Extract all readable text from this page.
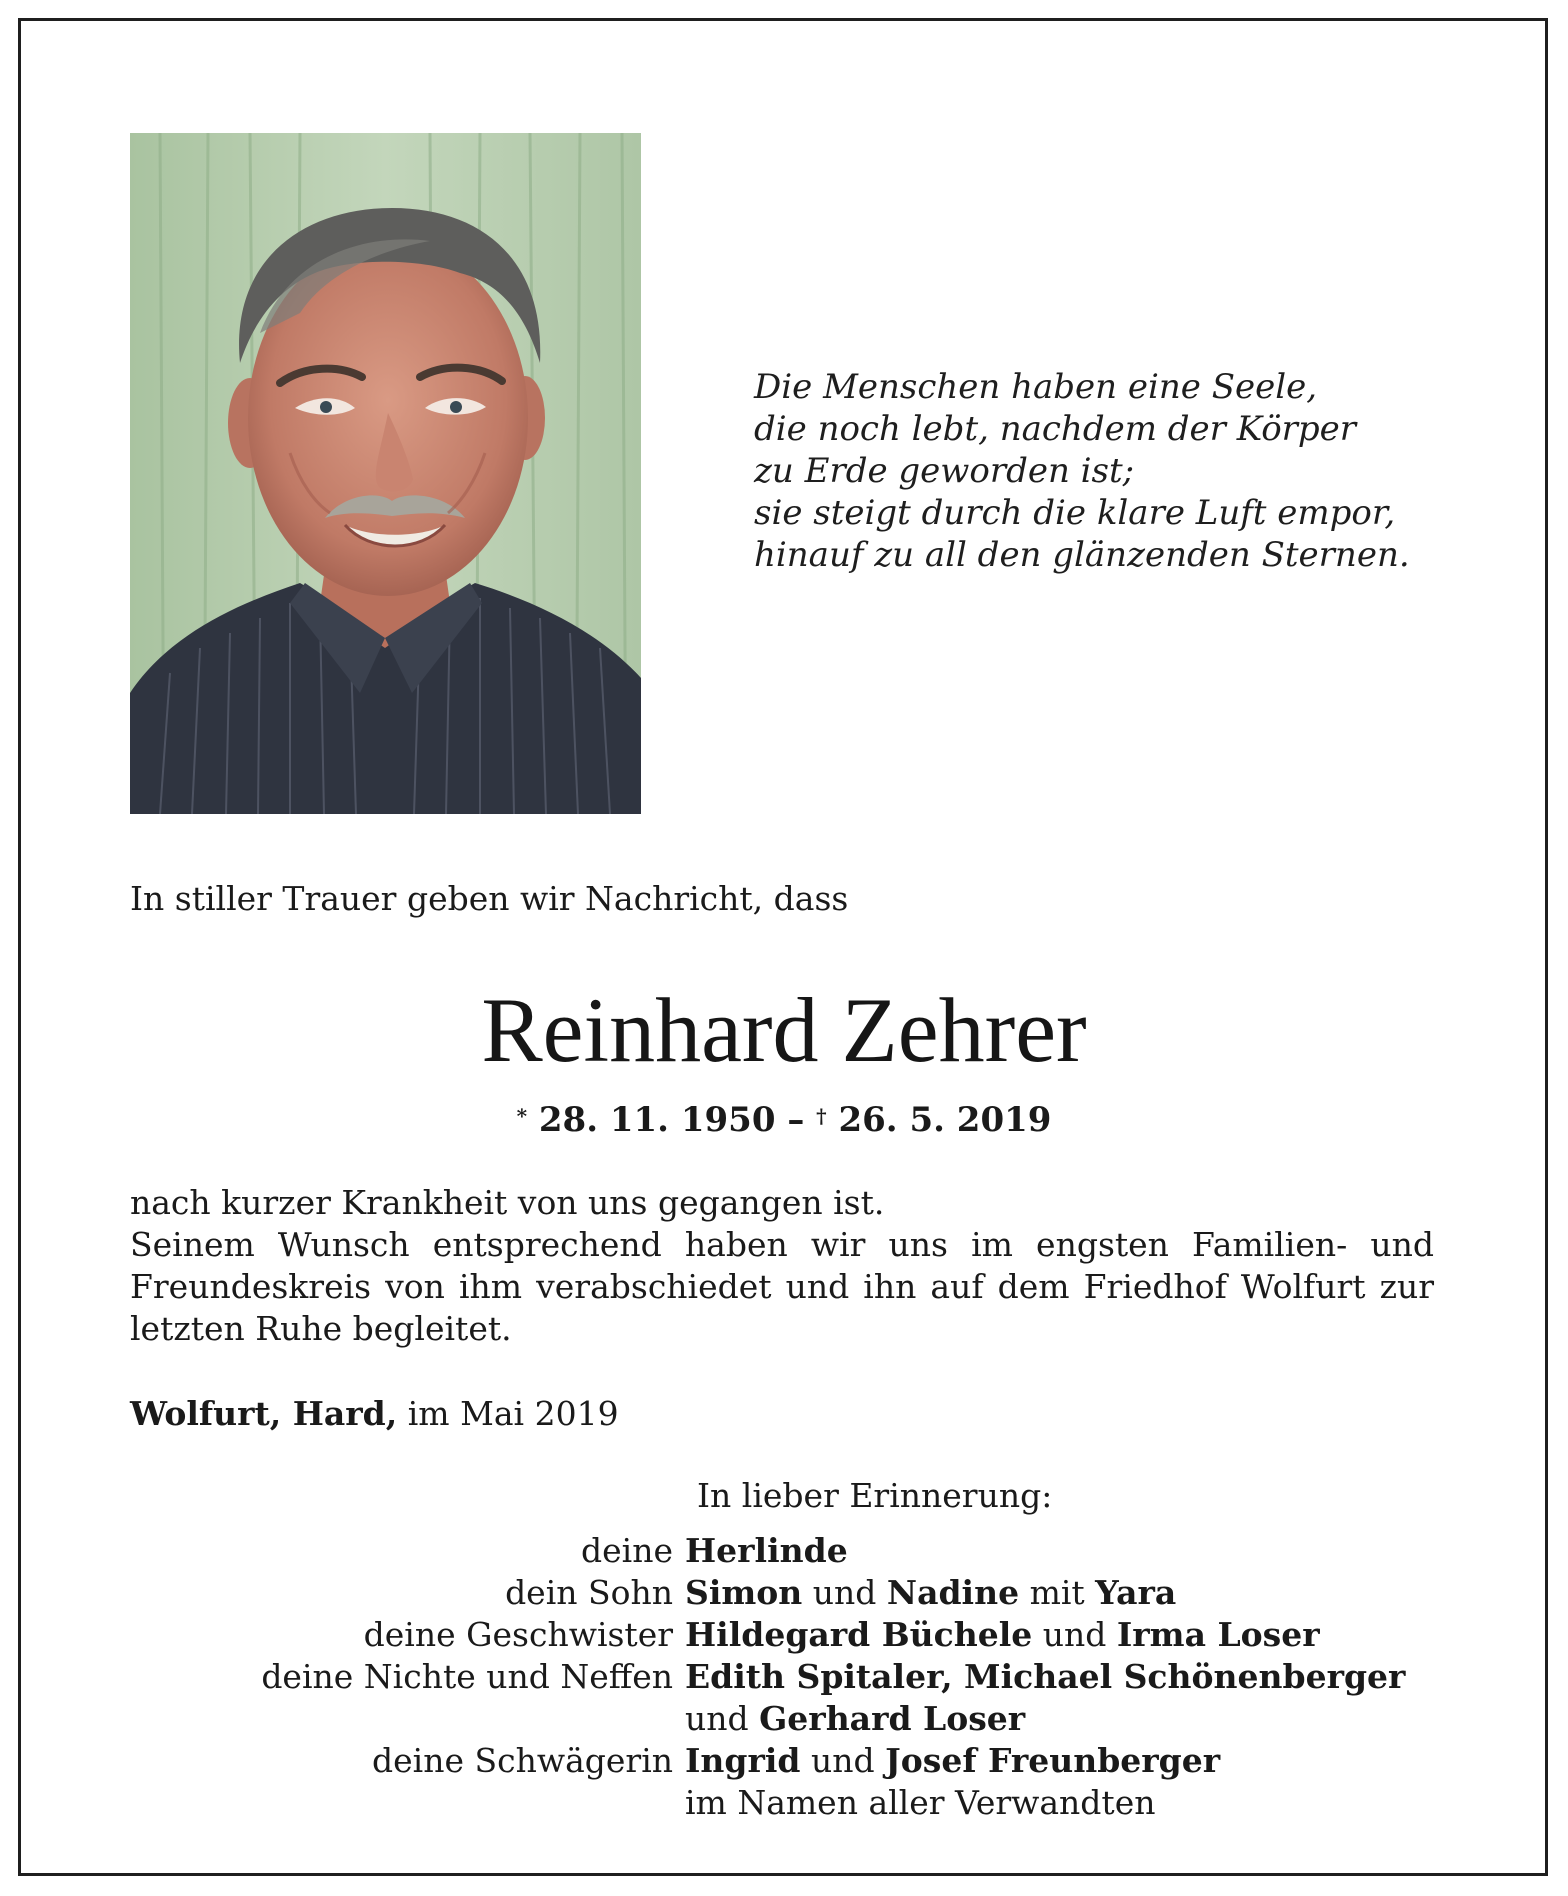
Die Menschen haben eine Seele,
die noch lebt, nachdem der Körper
zu Erde geworden ist;
sie steigt durch die klare Luft empor,
hinauf zu all den glänzenden Sternen.
In stiller Trauer geben wir Nachricht, dass
Reinhard Zehrer
* 28. 11. 1950 – † 26. 5. 2019
nach kurzer Krankheit von uns gegangen ist.
Seinem Wunsch entsprechend haben wir uns im engsten Familien- und Freundeskreis von ihm verabschiedet und ihn auf dem Friedhof Wolfurt zur letzten Ruhe begleitet.
Wolfurt, Hard, im Mai 2019
In lieber Erinnerung:
deine Herlinde
dein Sohn Simon und Nadine mit Yara
deine Geschwister Hildegard Büchele und Irma Loser
deine Nichte und Neffen Edith Spitaler, Michael Schönenberger
und Gerhard Loser
deine Schwägerin Ingrid und Josef Freunberger
im Namen aller Verwandten
